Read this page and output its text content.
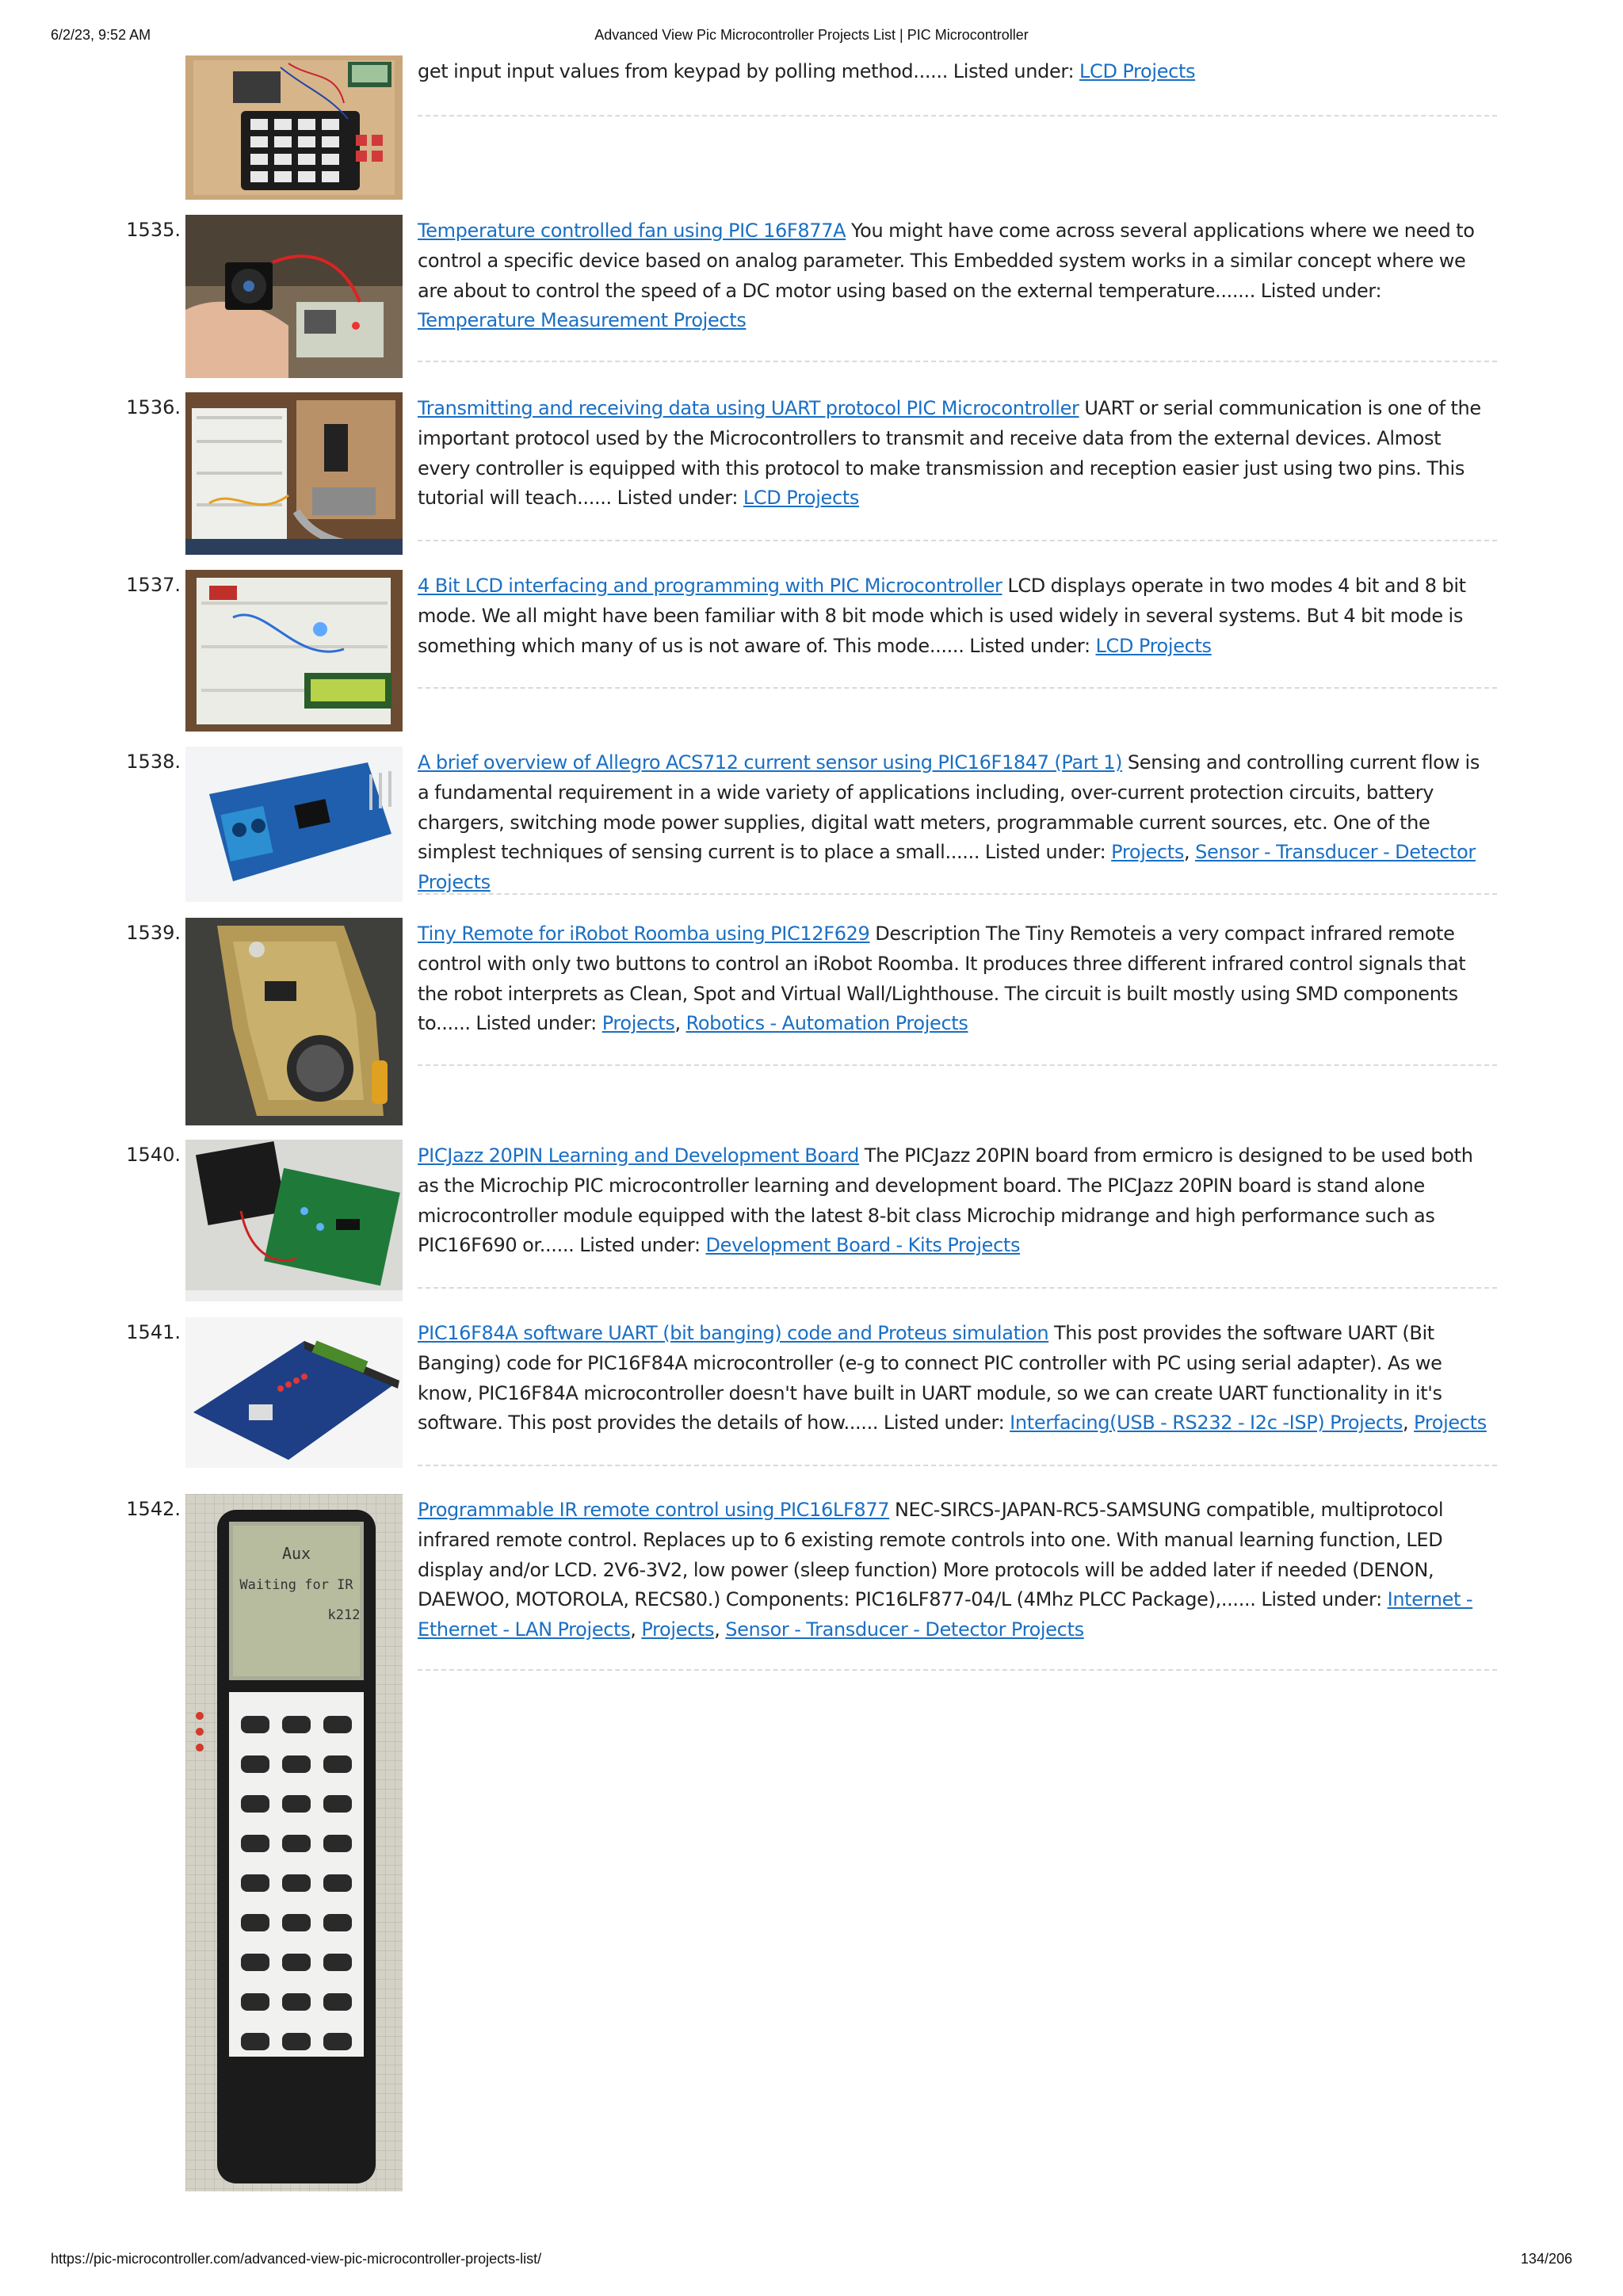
6/2/23, 9:52 AM	Advanced View Pic Microcontroller Projects List | PIC Microcontroller
get input input values from keypad by polling method...... Listed under: LCD Projects
1535.	Temperature controlled fan using PIC 16F877A You might have come across several applications where we need to control a specific device based on analog parameter. This Embedded system works in a similar concept where we are about to control the speed of a DC motor using based on the external temperature....... Listed under: Temperature Measurement Projects
1536.	Transmitting and receiving data using UART protocol PIC Microcontroller UART or serial communication is one of the important protocol used by the Microcontrollers to transmit and receive data from the external devices. Almost every controller is equipped with this protocol to make transmission and reception easier just using two pins. This tutorial will teach...... Listed under: LCD Projects
1537.	4 Bit LCD interfacing and programming with PIC Microcontroller LCD displays operate in two modes 4 bit and 8 bit mode. We all might have been familiar with 8 bit mode which is used widely in several systems. But 4 bit mode is something which many of us is not aware of. This mode...... Listed under: LCD Projects
1538.	A brief overview of Allegro ACS712 current sensor using PIC16F1847 (Part 1) Sensing and controlling current flow is a fundamental requirement in a wide variety of applications including, over-current protection circuits, battery chargers, switching mode power supplies, digital watt meters, programmable current sources, etc. One of the simplest techniques of sensing current is to place a small...... Listed under: Projects, Sensor - Transducer - Detector Projects
1539.	Tiny Remote for iRobot Roomba using PIC12F629 Description The Tiny Remoteis a very compact infrared remote control with only two buttons to control an iRobot Roomba. It produces three different infrared control signals that the robot interprets as Clean, Spot and Virtual Wall/Lighthouse. The circuit is built mostly using SMD components to...... Listed under: Projects, Robotics - Automation Projects
1540.	PICJazz 20PIN Learning and Development Board The PICJazz 20PIN board from ermicro is designed to be used both as the Microchip PIC microcontroller learning and development board. The PICJazz 20PIN board is stand alone microcontroller module equipped with the latest 8-bit class Microchip midrange and high performance such as PIC16F690 or...... Listed under: Development Board - Kits Projects
1541.	PIC16F84A software UART (bit banging) code and Proteus simulation This post provides the software UART (Bit Banging) code for PIC16F84A microcontroller (e-g to connect PIC controller with PC using serial adapter). As we know, PIC16F84A microcontroller doesn't have built in UART module, so we can create UART functionality in it's software. This post provides the details of how...... Listed under: Interfacing(USB - RS232 - I2c -ISP) Projects, Projects
1542.
Aux
Waiting for IR
k212
Programmable IR remote control using PIC16LF877 NEC-SIRCS-JAPAN-RC5-SAMSUNG compatible, multiprotocol infrared remote control. Replaces up to 6 existing remote controls into one. With manual learning function, LED display and/or LCD. 2V6-3V2, low power (sleep function) More protocols will be added later if needed (DENON, DAEWOO, MOTOROLA, RECS80.) Components: PIC16LF877-04/L (4Mhz PLCC Package),...... Listed under: Internet - Ethernet - LAN Projects, Projects, Sensor - Transducer - Detector Projects
https://pic-microcontroller.com/advanced-view-pic-microcontroller-projects-list/	134/206
